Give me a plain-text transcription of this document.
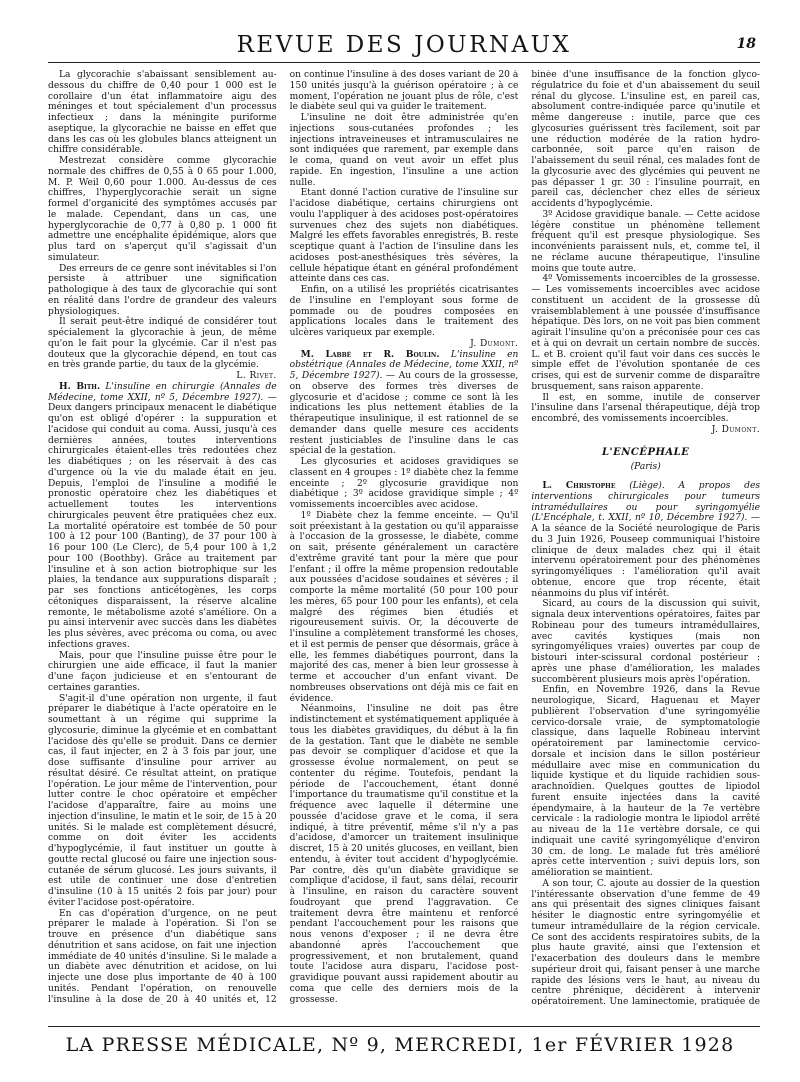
REVUE DES JOURNAUX	18

La glycorachie s'abaissant sensiblement au-dessous du chiffre de 0,40 pour 1 000 est le corollaire d'un état inflammatoire aigu des méninges et tout spécialement d'un processus infectieux ; dans la méningite puriforme aseptique, la glycorachie ne baisse en effet que dans les cas où les globules blancs atteignent un chiffre considérable.

Mestrezat considère comme glycorachie normale des chiffres de 0,55 à 0 65 pour 1.000, M. P. Weil 0,60 pour 1.000. Au-dessus de ces chiffres, l'hyperglycorachie serait un signe formel d'organicité des symptômes accusés par le malade. Cependant, dans un cas, une hyperglycorachie de 0,77 à 0,80 p. 1 000 fit admettre une encéphalite épidémique, alors que plus tard on s'aperçut qu'il s'agissait d'un simulateur.

Des erreurs de ce genre sont inévitables si l'on persiste à attribuer une signification pathologique à des taux de glycorachie qui sont en réalité dans l'ordre de grandeur des valeurs physiologiques.

Il serait peut-être indiqué de considérer tout spécialement la glycorachie à jeun, de même qu'on le fait pour la glycémie. Car il n'est pas douteux que la glycorachie dépend, en tout cas en très grande partie, du taux de la glycémie.

L. Rivet.

H. Bith. L'insuline en chirurgie (Annales de Médecine, tome XXII, nº 5, Décembre 1927). — Deux dangers principaux menacent le diabétique qu'on est obligé d'opérer : la suppuration et l'acidose qui conduit au coma. Aussi, jusqu'à ces dernières années, toutes interventions chirurgicales étaient-elles très redoutées chez les diabétiques ; on les réservait à des cas d'urgence où la vie du malade était en jeu. Depuis, l'emploi de l'insuline a modifié le pronostic opératoire chez les diabétiques et actuellement toutes les interventions chirurgicales peuvent être pratiquées chez eux. La mortalité opératoire est tombée de 50 pour 100 à 12 pour 100 (Banting), de 37 pour 100 à 16 pour 100 (Le Clerc), de 5,4 pour 100 à 1,2 pour 100 (Boothby). Grâce au traitement par l'insuline et à son action biotrophique sur les plaies, la tendance aux suppurations disparaît ; par ses fonctions anticétogènes, les corps cétoniques disparaissent, la réserve alcaline remonte, le métabolisme azoté s'améliore. On a pu ainsi intervenir avec succès dans les diabètes les plus sévères, avec précoma ou coma, ou avec infections graves.

Mais, pour que l'insuline puisse être pour le chirurgien une aide efficace, il faut la manier d'une façon judicieuse et en s'entourant de certaines garanties.

S'agit-il d'une opération non urgente, il faut préparer le diabétique à l'acte opératoire en le soumettant à un régime qui supprime la glycosurie, diminue la glycémie et en combattant l'acidose dès qu'elle se produit. Dans ce dernier cas, il faut injecter, en 2 à 3 fois par jour, une dose suffisante d'insuline pour arriver au résultat désiré. Ce résultat atteint, on pratique l'opération. Le jour même de l'intervention, pour lutter contre le choc opératoire et empêcher l'acidose d'apparaître, faire au moins une injection d'insuline, le matin et le soir, de 15 à 20 unités. Si le malade est complètement désucré, comme on doit éviter les accidents d'hypoglycémie, il faut instituer un goutte à goutte rectal glucosé ou faire une injection sous-cutanée de sérum glucosé. Les jours suivants, il est utile de continuer une dose d'entretien d'insuline (10 à 15 unités 2 fois par jour) pour éviter l'acidose post-opératoire.

En cas d'opération d'urgence, on ne peut préparer le malade à l'opération. Si l'on se trouve en présence d'un diabétique sans dénutrition et sans acidose, on fait une injection immédiate de 40 unités d'insuline. Si le malade a un diabète avec dénutrition et acidose, on lui injecte une dose plus importante de 40 à 100 unités. Pendant l'opération, on renouvelle l'insuline à la dose de 20 à 40 unités et, 12

on continue l'insuline à des doses variant de 20 à 150 unités jusqu'à la guérison opératoire ; à ce moment, l'opération ne jouant plus de rôle, c'est le diabète seul qui va guider le traitement.

L'insuline ne doit être administrée qu'en injections sous-cutanées profondes ; les injections intraveineuses et intramusculaires ne sont indiquées que rarement, par exemple dans le coma, quand on veut avoir un effet plus rapide. En ingestion, l'insuline a une action nulle.

Etant donné l'action curative de l'insuline sur l'acidose diabétique, certains chirurgiens ont voulu l'appliquer à des acidoses post-opératoires survenues chez des sujets non diabétiques. Malgré les effets favorables enregistrés, B. reste sceptique quant à l'action de l'insuline dans les acidoses post-anesthésiques très sévères, la cellule hépatique étant en général profondément atteinte dans ces cas.

Enfin, on a utilisé les propriétés cicatrisantes de l'insuline en l'employant sous forme de pommade ou de poudres composées en applications locales dans le traitement des ulcères variqueux par exemple.

J. Dumont.

M. Labbé et R. Boulin. L'insuline en obstétrique (Annales de Médecine, tome XXII, nº 5, Décembre 1927). — Au cours de la grossesse, on observe des formes très diverses de glycosurie et d'acidose ; comme ce sont là les indications les plus nettement établies de la thérapeutique insulinique, il est rationnel de se demander dans quelle mesure ces accidents restent justiciables de l'insuline dans le cas spécial de la gestation.

Les glycosuries et acidoses gravidiques se classent en 4 groupes : 1º diabète chez la femme enceinte ; 2º glycosurie gravidique non diabétique ; 3º acidose gravidique simple ; 4º vomissements incoercibles avec acidose.

1º Diabète chez la femme enceinte. — Qu'il soit préexistant à la gestation ou qu'il apparaisse à l'occasion de la grossesse, le diabète, comme on sait, présente généralement un caractère d'extrême gravité tant pour la mère que pour l'enfant ; il offre la même propension redoutable aux poussées d'acidose soudaines et sévères ; il comporte la même mortalité (50 pour 100 pour les mères, 65 pour 100 pour les enfants), et cela malgré des régimes bien étudiés et rigoureusement suivis. Or, la découverte de l'insuline a complètement transformé les choses, et il est permis de penser que désormais, grâce à elle, les femmes diabétiques pourront, dans la majorité des cas, mener à bien leur grossesse à terme et accoucher d'un enfant vivant. De nombreuses observations ont déjà mis ce fait en évidence.

Néanmoins, l'insuline ne doit pas être indistinctement et systématiquement appliquée à tous les diabètes gravidiques, du début à la fin de la gestation. Tant que le diabète ne semble pas devoir se compliquer d'acidose et que la grossesse évolue normalement, on peut se contenter du régime. Toutefois, pendant la période de l'accouchement, étant donné l'importance du traumatisme qu'il constitue et la fréquence avec laquelle il détermine une poussée d'acidose grave et le coma, il sera indiqué, à titre préventif, même s'il n'y a pas d'acidose, d'amorcer un traitement insulinique discret, 15 à 20 unités glucoses, en veillant, bien entendu, à éviter tout accident d'hypoglycémie. Par contre, dès qu'un diabète gravidique se complique d'acidose, il faut, sans délai, recourir à l'insuline, en raison du caractère souvent foudroyant que prend l'aggravation. Ce traitement devra être maintenu et renforcé pendant l'accouchement pour les raisons que nous venons d'exposer ; il ne devra être abandonné après l'accouchement que progressivement, et non brutalement, quand toute l'acidose aura disparu, l'acidose post-gravidique pouvant aussi rapidement aboutir au coma que celle des derniers mois de la grossesse.

binée d'une insuffisance de la fonction glyco-régulatrice du foie et d'un abaissement du seuil rénal du glycose. L'insuline est, en pareil cas, absolument contre-indiquée parce qu'inutile et même dangereuse : inutile, parce que ces glycosuries guérissent très facilement, soit par une réduction modérée de la ration hydro-carbonnée, soit parce qu'en raison de l'abaissement du seuil rénal, ces malades font de la glycosurie avec des glycémies qui peuvent ne pas dépasser 1 gr. 30 : l'insuline pourrait, en pareil cas, déclencher chez elles de sérieux accidents d'hypoglycémie.

3º Acidose gravidique banale. — Cette acidose légère constitue un phénomène tellement fréquent qu'il est presque physiologique. Ses inconvénients paraissent nuls, et, comme tel, il ne réclame aucune thérapeutique, l'insuline moins que toute autre.

4º Vomissements incoercibles de la grossesse. — Les vomissements incoercibles avec acidose constituent un accident de la grossesse dû vraisemblablement à une poussée d'insuffisance hépatique. Dès lors, on ne voit pas bien comment agirait l'insuline qu'on a préconisée pour ces cas et à qui on devrait un certain nombre de succès. L. et B. croient qu'il faut voir dans ces succès le simple effet de l'évolution spontanée de ces crises, qui est de survenir comme de disparaître brusquement, sans raison apparente.

Il est, en somme, inutile de conserver l'insuline dans l'arsenal thérapeutique, déjà trop encombré, des vomissements incoercibles.

J. Dumont.
L'ENCÉPHALE
(Paris)

L. Christophe (Liège). A propos des interventions chirurgicales pour tumeurs intramédullaires ou pour syringomyélie (L'Encéphale, t. XXII, nº 10, Décembre 1927). — A la séance de la Société neurologique de Paris du 3 Juin 1926, Pouseep communiquai l'histoire clinique de deux malades chez qui il était intervenu opératoirement pour des phénomènes syringomyéliques : l'amélioration qu'il avait obtenue, encore que trop récente, était néanmoins du plus vif intérêt.

Sicard, au cours de la discussion qui suivit, signala deux interventions opératoires, faites par Robineau pour des tumeurs intramédullaires, avec cavités kystiques (mais non syringomyéliques vraies) ouvertes par coup de bistouri inter-scissural cordonal postérieur : après une phase d'amélioration, les malades succombèrent plusieurs mois après l'opération.

Enfin, en Novembre 1926, dans la Revue neurologique, Sicard, Haguenau et Mayer publièrent l'observation d'une syringomyélie cervico-dorsale vraie, de symptomatologie classique, dans laquelle Robineau intervint opératoirement par laminectomie cervico-dorsale et incision dans le sillon postérieur médullaire avec mise en communication du liquide kystique et du liquide rachidien sous-arachnoïdien. Quelques gouttes de lipiodol furent ensuite injectées dans la cavité épendymaire, à la hauteur de la 7e vertèbre cervicale : la radiologie montra le lipiodol arrêté au niveau de la 11e vertèbre dorsale, ce qui indiquait une cavité syringomyélique d'environ 30 cm. de long. Le malade fut très amélioré après cette intervention ; suivi depuis lors, son amélioration se maintient.

A son tour, C. ajoute au dossier de la question l'intéressante observation d'une femme de 49 ans qui présentait des signes cliniques faisant hésiter le diagnostic entre syringomyélie et tumeur intramédullaire de la région cervicale. Ce sont des accidents respiratoires subits, de la plus haute gravité, ainsi que l'extension et l'exacerbation des douleurs dans le membre supérieur droit qui, faisant penser à une marche rapide des lésions vers le haut, au niveau du centre phrénique, décidèrent à intervenir opératoirement. Une laminectomie, pratiquée de

LA PRESSE MÉDICALE, Nº 9, MERCREDI, 1er FÉVRIER 1928
